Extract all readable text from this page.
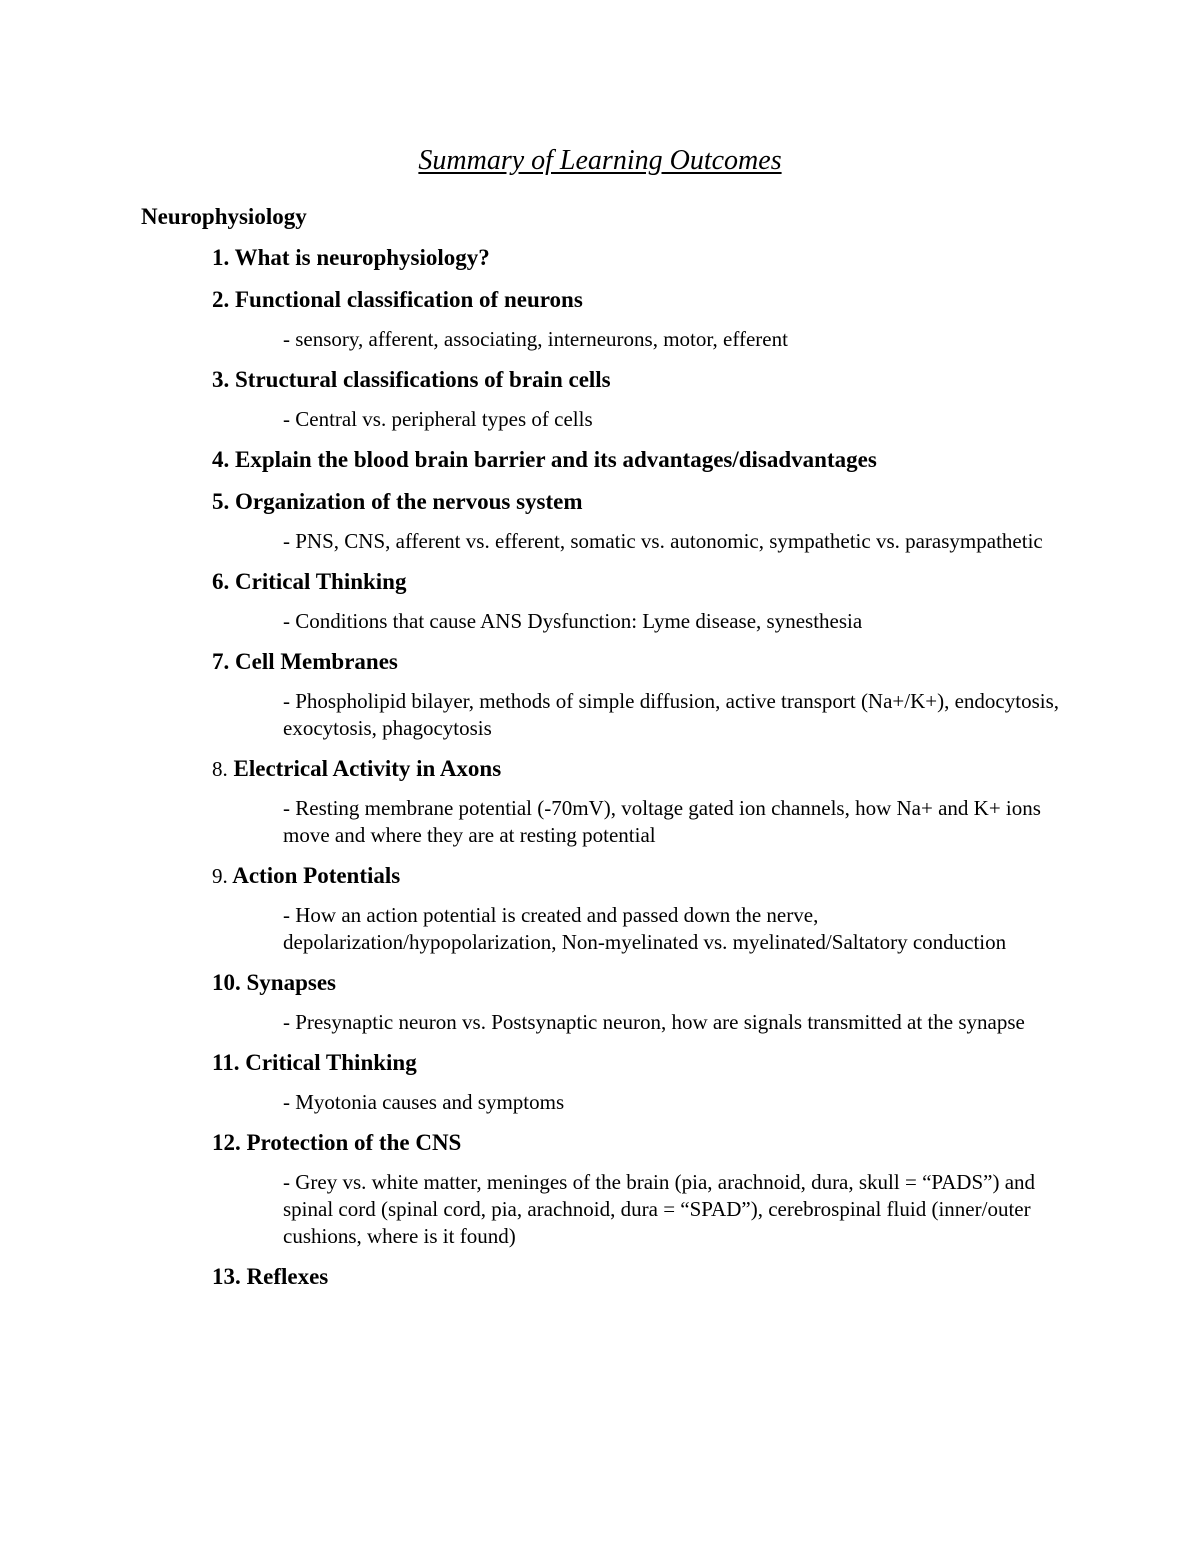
Summary of Learning Outcomes
Neurophysiology
1. What is neurophysiology?
2. Functional classification of neurons
- sensory, afferent, associating, interneurons, motor, efferent
3. Structural classifications of brain cells
- Central vs. peripheral types of cells
4. Explain the blood brain barrier and its advantages/disadvantages
5. Organization of the nervous system
- PNS, CNS, afferent vs. efferent, somatic vs. autonomic, sympathetic vs. parasympathetic
6. Critical Thinking
- Conditions that cause ANS Dysfunction: Lyme disease, synesthesia
7. Cell Membranes
- Phospholipid bilayer, methods of simple diffusion, active transport (Na+/K+), endocytosis, exocytosis, phagocytosis
8. Electrical Activity in Axons
- Resting membrane potential (-70mV), voltage gated ion channels, how Na+ and K+ ions move and where they are at resting potential
9. Action Potentials
- How an action potential is created and passed down the nerve, depolarization/hypopolarization, Non-myelinated vs. myelinated/Saltatory conduction
10. Synapses
- Presynaptic neuron vs. Postsynaptic neuron, how are signals transmitted at the synapse
11. Critical Thinking
- Myotonia causes and symptoms
12. Protection of the CNS
- Grey vs. white matter, meninges of the brain (pia, arachnoid, dura, skull = “PADS”) and spinal cord (spinal cord, pia, arachnoid, dura = “SPAD”), cerebrospinal fluid (inner/outer cushions, where is it found)
13. Reflexes
